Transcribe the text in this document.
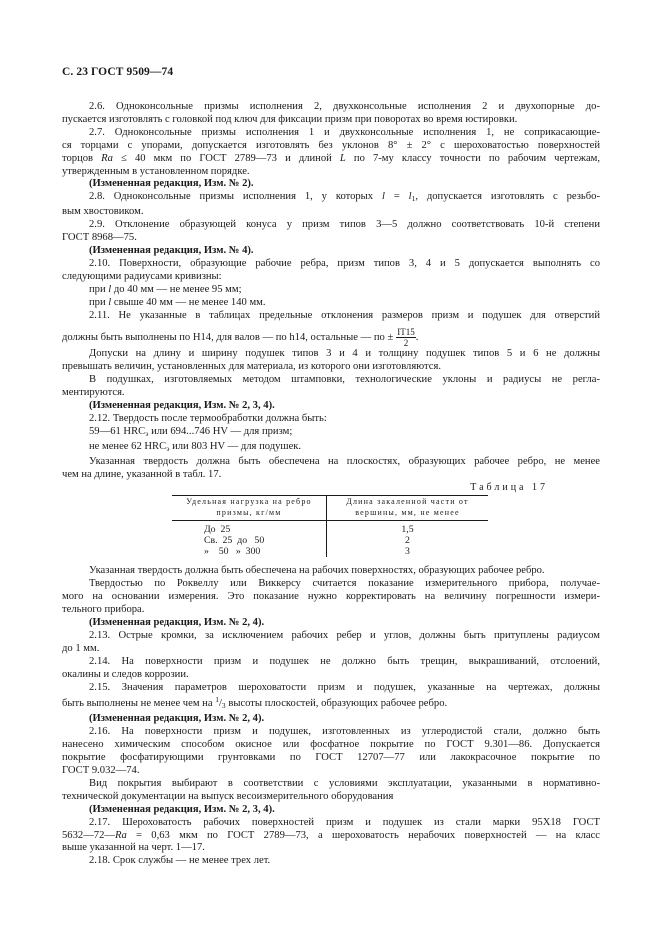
С. 23 ГОСТ 9509—74

2.6. Одноконсольные призмы исполнения 2, двухконсольные исполнения 2 и двухопорные до-

пускается изготовлять с головкой под ключ для фиксации призм при поворотах во время юстировки.

2.7. Одноконсольные призмы исполнения 1 и двухконсольные исполнения 1, не соприкасающие-

ся торцами с упорами, допускается изготовлять без уклонов 8° ± 2° с шероховатостью поверхностей

торцов Ra ≤ 40 мкм по ГОСТ 2789—73 и длиной L по 7-му классу точности по рабочим чертежам,

утвержденным в установленном порядке.

(Измененная редакция, Изм. № 2).

2.8. Одноконсольные призмы исполнения 1, у которых $l = l_1$, допускается изготовлять с резьбо-

вым хвостовиком.

2.9. Отклонение образующей конуса у призм типов 3—5 должно соответствовать 10-й степени

ГОСТ 8968—75.

(Измененная редакция, Изм. № 4).

2.10. Поверхности, образующие рабочие ребра, призм типов 3, 4 и 5 допускается выполнять со

следующими радиусами кривизны:

при l до 40 мм — не менее 95 мм;

при l свыше 40 мм — не менее 140 мм.

2.11. Не указанные в таблицах предельные отклонения размеров призм и подушек для отверстий

должны быть выполнены по Н14, для валов — по h14, остальные — по ± $\frac{IT15}{2}$ .

Допуски на длину и ширину подушек типов 3 и 4 и толщину подушек типов 5 и 6 не должны

превышать величин, установленных для материала, из которого они изготовляются.

В подушках, изготовляемых методом штамповки, технологические уклоны и радиусы не регла-

ментируются.

(Измененная редакция, Изм. № 2, 3, 4).

2.12. Твердость после термообработки должна быть:

59—61 $HRC_э$ или 694...746 HV — для призм;

не менее 62 $HRC_э$ или 803 HV — для подушек.

Указанная твердость должна быть обеспечена на плоскостях, образующих рабочее ребро, не менее

чем на длине, указанной в табл. 17.

Таблица 17
Удельная нагрузка на ребро призмы, кг/мм	Длина закаленной части от вершины, мм, не менее
До  25	1,5
Св.  25  до   50	2
»    50   »  300	3

Указанная твердость должна быть обеспечена на рабочих поверхностях, образующих рабочее ребро.

Твердостью по Роквеллу или Виккерсу считается показание измерительного прибора, получае-

мого на основании измерения. Это показание нужно корректировать на величину погрешности измери-

тельного прибора.

(Измененная редакция, Изм. № 2, 4).

2.13. Острые кромки, за исключением рабочих ребер и углов, должны быть притуплены радиусом

до 1 мм.

2.14. На поверхности призм и подушек не должно быть трещин, выкрашиваний, отслоений,

окалины и следов коррозии.

2.15. Значения параметров шероховатости призм и подушек, указанные на чертежах, должны

быть выполнены не менее чем на $^1/_3$ высоты плоскостей, образующих рабочее ребро.

(Измененная редакция, Изм. № 2, 4).

2.16. На поверхности призм и подушек, изготовленных из углеродистой стали, должно быть

нанесено химическим способом окисное или фосфатное покрытие по ГОСТ 9.301—86. Допускается

покрытие фосфатирующими грунтовками по ГОСТ 12707—77 или лакокрасочное покрытие по

ГОСТ 9.032—74.

Вид покрытия выбирают в соответствии с условиями эксплуатации, указанными в нормативно-

технической документации на выпуск весоизмерительного оборудования

(Измененная редакция, Изм. № 2, 3, 4).

2.17. Шероховатость рабочих поверхностей призм и подушек из стали марки 95Х18 ГОСТ

5632—72—Ra = 0,63 мкм по ГОСТ 2789—73, а шероховатость нерабочих поверхностей — на класс

выше указанной на черт. 1—17.

2.18. Срок службы — не менее трех лет.
